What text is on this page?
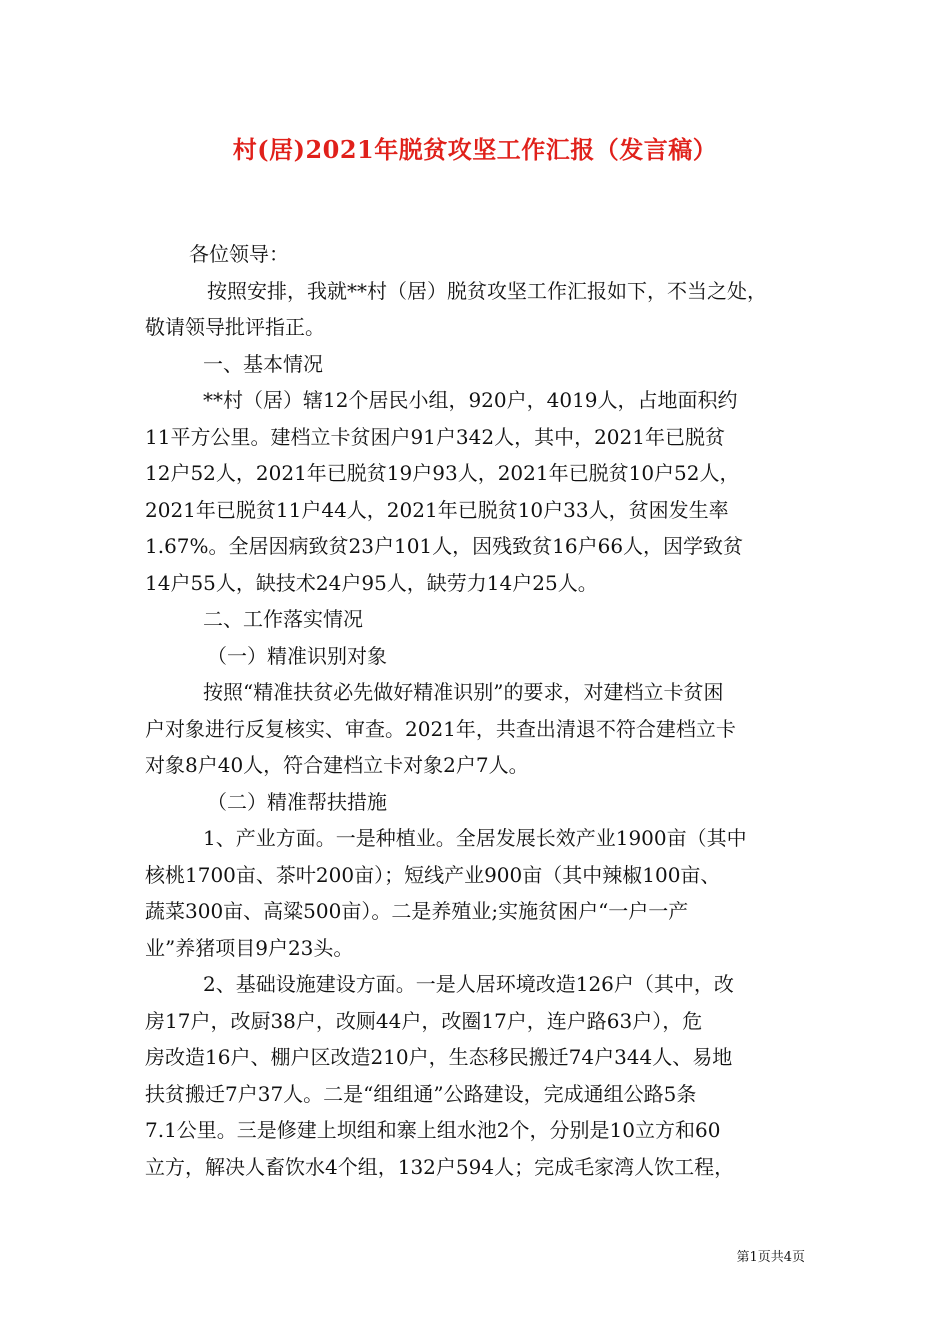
村(居)2021年脱贫攻坚工作汇报（发言稿）
各位领导：
按照安排，我就**村（居）脱贫攻坚工作汇报如下，不当之处，
敬请领导批评指正。
一、基本情况
**村（居）辖12个居民小组，920户，4019人，占地面积约
11平方公里。建档立卡贫困户91户342人，其中，2021年已脱贫
12户52人，2021年已脱贫19户93人，2021年已脱贫10户52人，
2021年已脱贫11户44人，2021年已脱贫10户33人，贫困发生率
1.67%。全居因病致贫23户101人，因残致贫16户66人，因学致贫
14户55人，缺技术24户95人，缺劳力14户25人。
二、工作落实情况
（一）精准识别对象
按照“精准扶贫必先做好精准识别”的要求，对建档立卡贫困
户对象进行反复核实、审查。2021年，共查出清退不符合建档立卡
对象8户40人，符合建档立卡对象2户7人。
（二）精准帮扶措施
1、产业方面。一是种植业。全居发展长效产业1900亩（其中
核桃1700亩、茶叶200亩）；短线产业900亩（其中辣椒100亩、
蔬菜300亩、高粱500亩）。二是养殖业;实施贫困户“一户一产
业”养猪项目9户23头。
2、基础设施建设方面。一是人居环境改造126户（其中，改
房17户，改厨38户，改厕44户，改圈17户，连户路63户），危
房改造16户、棚户区改造210户，生态移民搬迁74户344人、易地
扶贫搬迁7户37人。二是“组组通”公路建设，完成通组公路5条
7.1公里。三是修建上坝组和寨上组水池2个，分别是10立方和60
立方，解决人畜饮水4个组，132户594人；完成毛家湾人饮工程，
第1页共4页
